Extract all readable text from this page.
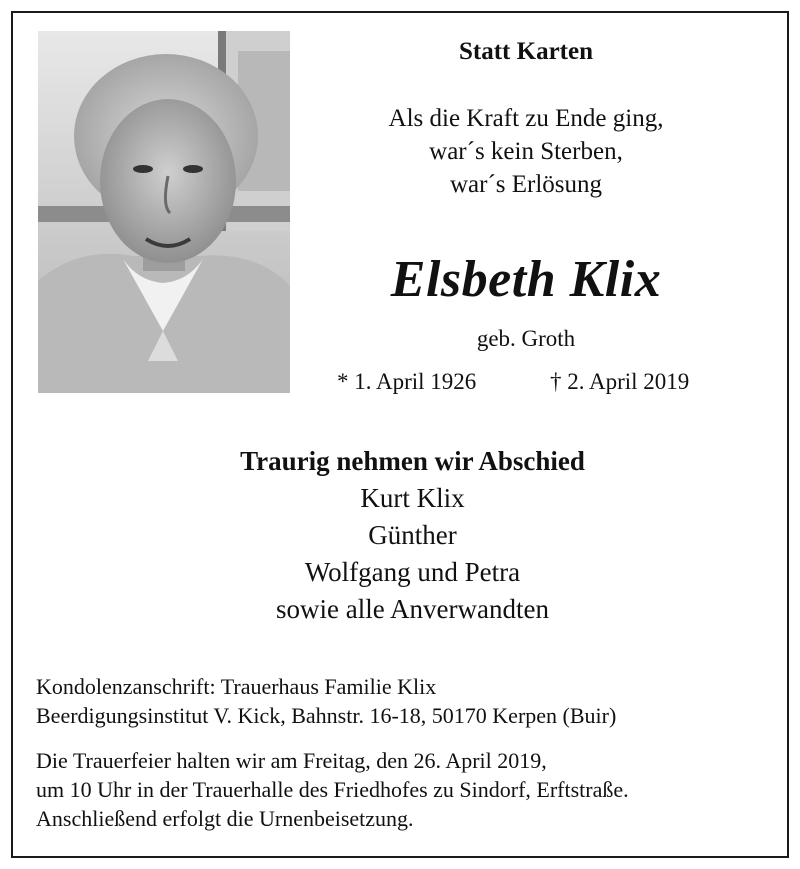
Statt Karten
Als die Kraft zu Ende ging,
war´s kein Sterben,
war´s Erlösung
Elsbeth Klix
geb. Groth
* 1. April 1926	† 2. April 2019
Traurig nehmen wir Abschied
Kurt Klix
Günther
Wolfgang und Petra
sowie alle Anverwandten
Kondolenzanschrift: Trauerhaus Familie Klix
Beerdigungsinstitut V. Kick, Bahnstr. 16-18, 50170 Kerpen (Buir)
Die Trauerfeier halten wir am Freitag, den 26. April 2019,
um 10 Uhr in der Trauerhalle des Friedhofes zu Sindorf, Erftstraße.
Anschließend erfolgt die Urnenbeisetzung.
